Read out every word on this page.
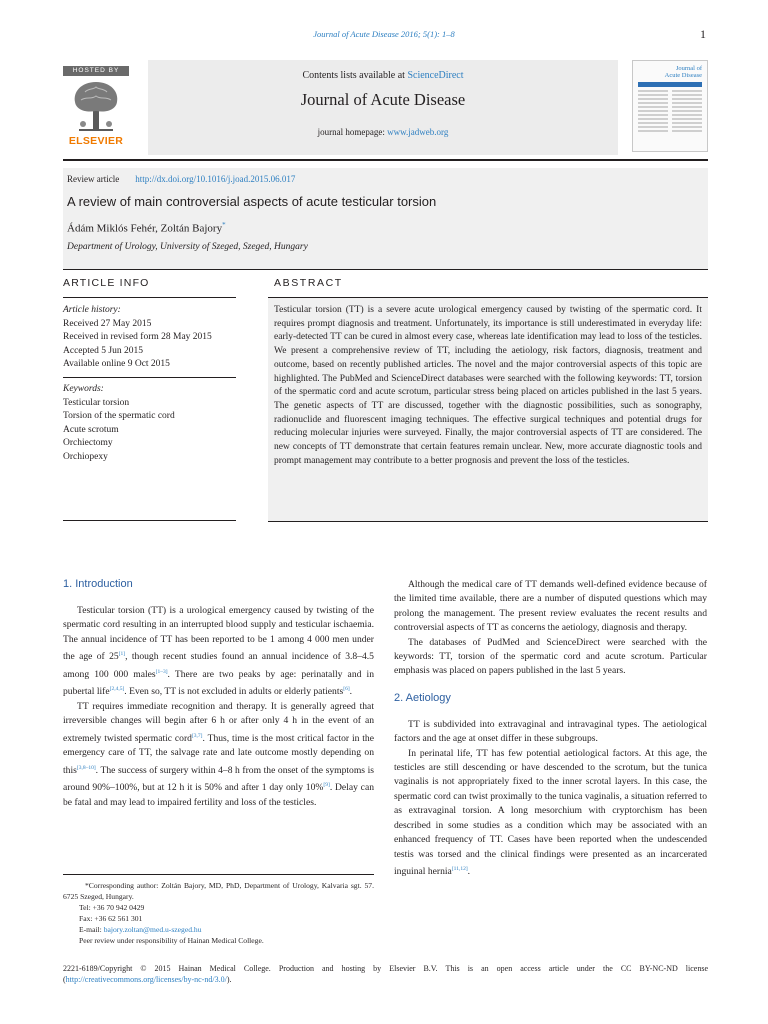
Journal of Acute Disease 2016; 5(1): 1–8	1
HOSTED BY
ELSEVIER
Contents lists available at ScienceDirect
Journal of Acute Disease
journal homepage: www.jadweb.org
Journal of
Acute Disease
Review article http://dx.doi.org/10.1016/j.joad.2015.06.017
A review of main controversial aspects of acute testicular torsion
Ádám Miklós Fehér, Zoltán Bajory*
Department of Urology, University of Szeged, Szeged, Hungary
ARTICLE INFO
Article history:
Received 27 May 2015
Received in revised form 28 May 2015
Accepted 5 Jun 2015
Available online 9 Oct 2015
Keywords:
Testicular torsion
Torsion of the spermatic cord
Acute scrotum
Orchiectomy
Orchiopexy
ABSTRACT

Testicular torsion (TT) is a severe acute urological emergency caused by twisting of the spermatic cord. It requires prompt diagnosis and treatment. Unfortunately, its importance is still underestimated in everyday life: early-detected TT can be cured in almost every case, whereas late identification may lead to loss of the testicles. We present a comprehensive review of TT, including the aetiology, risk factors, diagnosis, treatment and outcome, based on recently published articles. The novel and the major controversial aspects of this topic are highlighted. The PubMed and ScienceDirect databases were searched with the following keywords: TT, torsion of the spermatic cord and acute scrotum, particular stress being placed on articles published in the last 5 years. The genetic aspects of TT are discussed, together with the diagnostic possibilities, such as sonography, radionuclide and fluorescent imaging techniques. The effective surgical techniques and potential drugs for reducing molecular injuries were surveyed. Finally, the major controversial aspects of TT are considered. The new concepts of TT demonstrate that certain features remain unclear. New, more accurate diagnostic tools and prompt management may contribute to a better prognosis and prevent the loss of the testicles.

1. Introduction

Testicular torsion (TT) is a urological emergency caused by twisting of the spermatic cord resulting in an interrupted blood supply and testicular ischaemia. The annual incidence of TT has been reported to be 1 among 4 000 men under the age of 25[1], though recent studies found an annual incidence of 3.8–4.5 among 100 000 males[1–3]. There are two peaks by age: perinatally and in pubertal life[2,4,5]. Even so, TT is not excluded in adults or elderly patients[6].

TT requires immediate recognition and therapy. It is generally agreed that irreversible changes will begin after 6 h or after only 4 h in the event of an extremely twisted spermatic cord[3,7]. Thus, time is the most critical factor in the emergency care of TT, the salvage rate and late outcome mostly depending on this[3,8–10]. The success of surgery within 4–8 h from the onset of the symptoms is around 90%–100%, but at 12 h it is 50% and after 1 day only 10%[9]. Delay can be fatal and may lead to impaired fertility and loss of the testicles.

Although the medical care of TT demands well-defined evidence because of the limited time available, there are a number of disputed questions which may prolong the management. The present review evaluates the recent results and controversial aspects of TT as concerns the aetiology, diagnosis and therapy.

The databases of PudMed and ScienceDirect were searched with the keywords: TT, torsion of the spermatic cord and acute scrotum. Particular emphasis was placed on papers published in the last 5 years.

2. Aetiology

TT is subdivided into extravaginal and intravaginal types. The aetiological factors and the age at onset differ in these subgroups.

In perinatal life, TT has few potential aetiological factors. At this age, the testicles are still descending or have descended to the scrotum, but the tunica vaginalis is not appropriately fixed to the inner scrotal layers. In this case, the spermatic cord can twist proximally to the tunica vaginalis, a situation referred to as extravaginal torsion. A long mesorchium with cryptorchism has been described in some studies as a condition which may be associated with an enhanced frequency of TT. Cases have been reported when the undescended testis was torsed and the clinical findings were presented as an incarcerated inguinal hernia[11,12].

*Corresponding author: Zoltán Bajory, MD, PhD, Department of Urology, Kalvaria sgt. 57. 6725 Szeged, Hungary.
Tel: +36 70 942 0429
Fax: +36 62 561 301
E-mail: bajory.zoltan@med.u-szeged.hu
Peer review under responsibility of Hainan Medical College.
2221-6189/Copyright © 2015 Hainan Medical College. Production and hosting by Elsevier B.V. This is an open access article under the CC BY-NC-ND license (http://creativecommons.org/licenses/by-nc-nd/3.0/).
